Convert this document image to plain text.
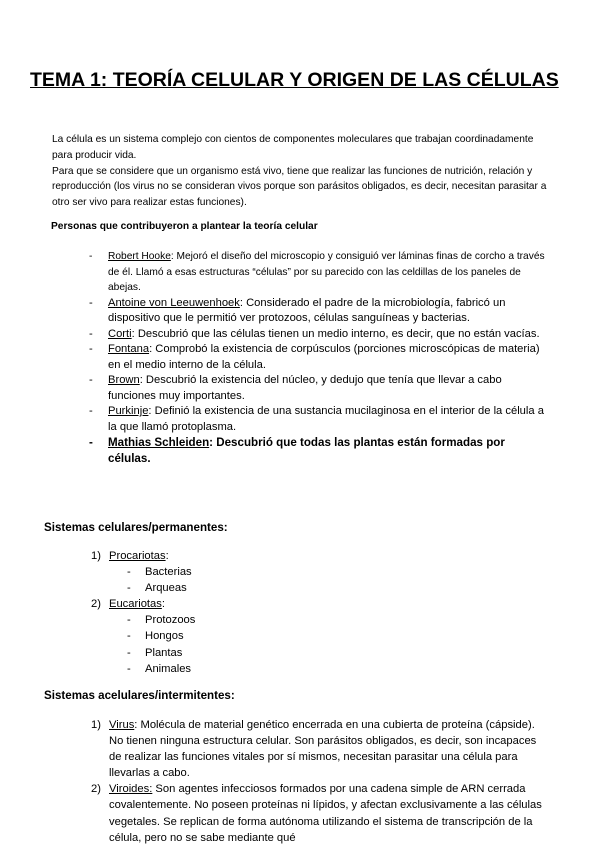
TEMA 1: TEORÍA CELULAR Y ORIGEN DE LAS CÉLULAS

La célula es un sistema complejo con cientos de componentes moleculares que trabajan coordinadamente para producir vida.

Para que se considere que un organismo está vivo, tiene que realizar las funciones de nutrición, relación y reproducción (los virus no se consideran vivos porque son parásitos obligados, es decir, necesitan parasitar a otro ser vivo para realizar estas funciones).

Personas que contribuyeron a plantear la teoría celular
- Robert Hooke: Mejoró el diseño del microscopio y consiguió ver láminas finas de corcho a través de él. Llamó a esas estructuras “células” por su parecido con las celdillas de los paneles de abejas.
- Antoine von Leeuwenhoek: Considerado el padre de la microbiología, fabricó un dispositivo que le permitió ver protozoos, células sanguíneas y bacterias.
- Corti: Descubrió que las células tienen un medio interno, es decir, que no están vacías.
- Fontana: Comprobó la existencia de corpúsculos (porciones microscópicas de materia) en el medio interno de la célula.
- Brown: Descubrió la existencia del núcleo, y dedujo que tenía que llevar a cabo funciones muy importantes.
- Purkinje: Definió la existencia de una sustancia mucilaginosa en el interior de la célula a la que llamó protoplasma.
- Mathias Schleiden: Descubrió que todas las plantas están formadas por células.
Sistemas celulares/permanentes:
1) Procariotas:
- Bacterias
- Arqueas
2) Eucariotas:
- Protozoos
- Hongos
- Plantas
- Animales
Sistemas acelulares/intermitentes:
1) Virus: Molécula de material genético encerrada en una cubierta de proteína (cápside). No tienen ninguna estructura celular. Son parásitos obligados, es decir, son incapaces de realizar las funciones vitales por sí mismos, necesitan parasitar una célula para llevarlas a cabo.
2) Viroides: Son agentes infecciosos formados por una cadena simple de ARN cerrada covalentemente. No poseen proteínas ni lípidos, y afectan exclusivamente a las células vegetales. Se replican de forma autónoma utilizando el sistema de transcripción de la célula, pero no se sabe mediante qué
